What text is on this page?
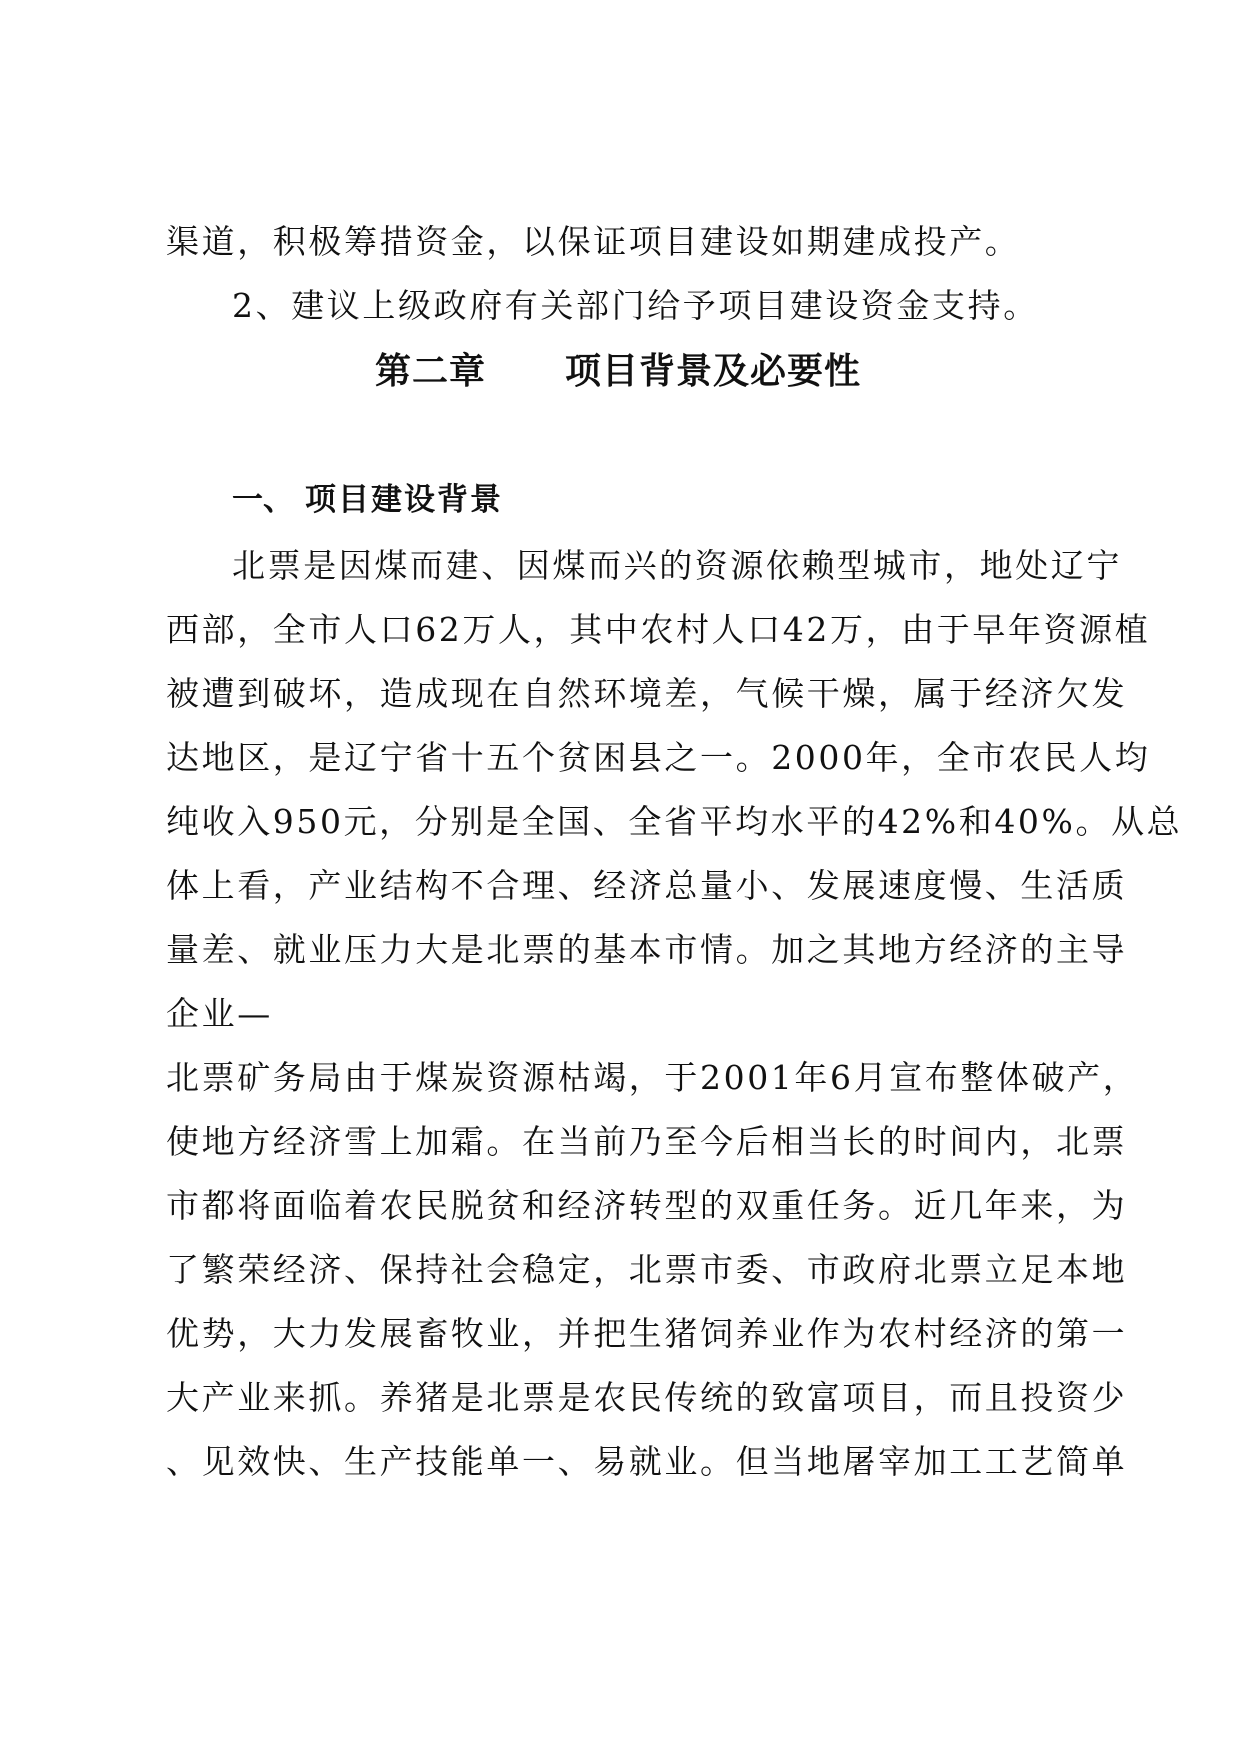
渠道，积极筹措资金，以保证项目建设如期建成投产。
2、建议上级政府有关部门给予项目建设资金支持。
第二章 项目背景及必要性
一、 项目建设背景
北票是因煤而建、因煤而兴的资源依赖型城市，地处辽宁
西部，全市人口62万人，其中农村人口42万，由于早年资源植
被遭到破坏，造成现在自然环境差，气候干燥，属于经济欠发
达地区，是辽宁省十五个贫困县之一。2000年，全市农民人均
纯收入950元，分别是全国、全省平均水平的42%和40%。从总
体上看，产业结构不合理、经济总量小、发展速度慢、生活质
量差、就业压力大是北票的基本市情。加之其地方经济的主导
企业—
北票矿务局由于煤炭资源枯竭，于2001年6月宣布整体破产，
使地方经济雪上加霜。在当前乃至今后相当长的时间内，北票
市都将面临着农民脱贫和经济转型的双重任务。近几年来，为
了繁荣经济、保持社会稳定，北票市委、市政府北票立足本地
优势，大力发展畜牧业，并把生猪饲养业作为农村经济的第一
大产业来抓。养猪是北票是农民传统的致富项目，而且投资少
、见效快、生产技能单一、易就业。但当地屠宰加工工艺简单
